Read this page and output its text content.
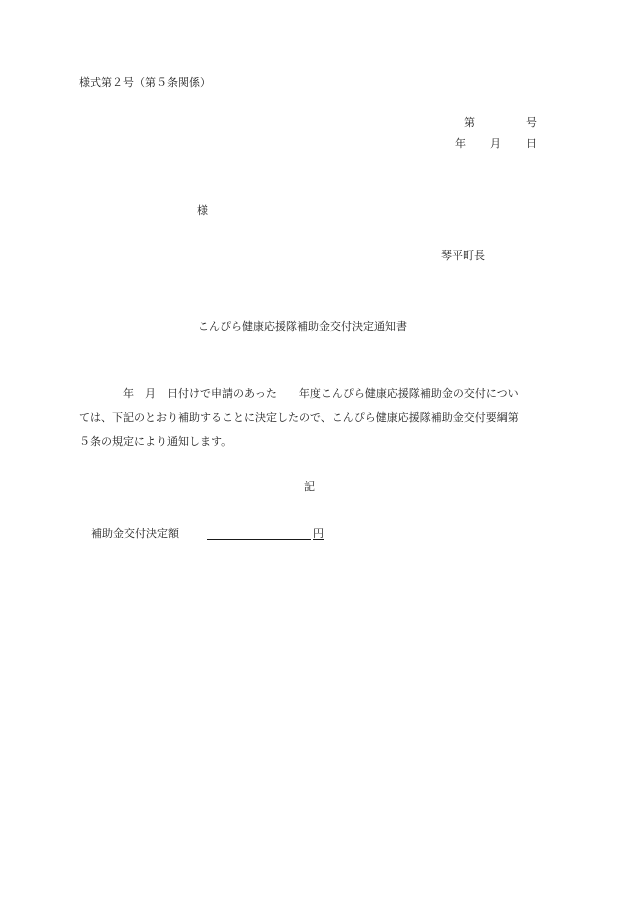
様式第２号（第５条関係）
第	号
年 月 日
様
琴平町長
こんぴら健康応援隊補助金交付決定通知書
　　　　年　月　日付けで申請のあった　　年度こんぴら健康応援隊補助金の交付につい
ては、下記のとおり補助することに決定したので、こんぴら健康応援隊補助金交付要綱第
５条の規定により通知します。
記
補助金交付決定額	円
